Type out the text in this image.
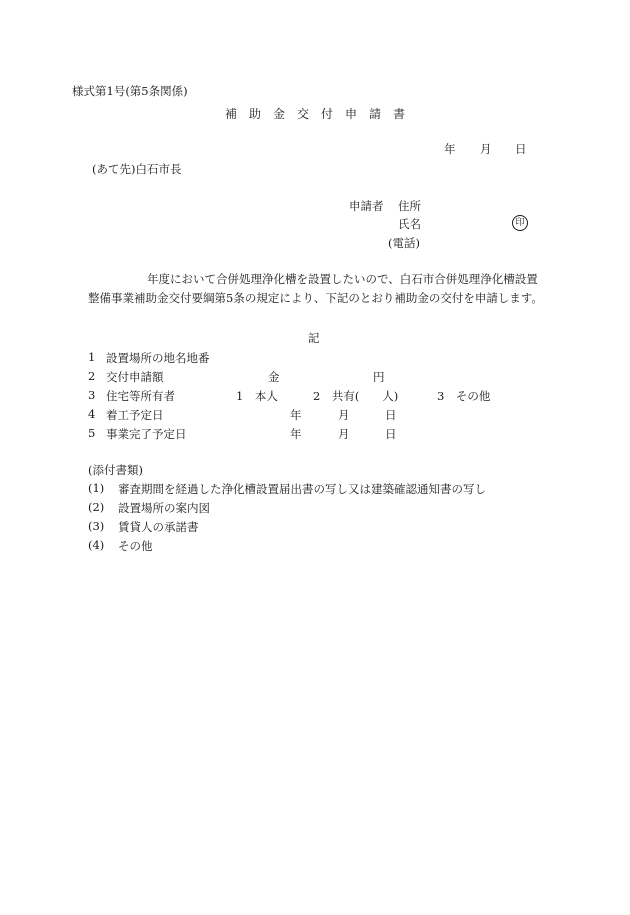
様式第1号(第5条関係)
補　助　金　交　付　申　請　書
年 月 日
(あて先)白石市長
申請者 住所
氏名	印
(電話)
年度において合併処理浄化槽を設置したいので、白石市合併処理浄化槽設置
整備事業補助金交付要綱第5条の規定により、下記のとおり補助金の交付を申請します。
記
1 設置場所の地名地番
2 交付申請額	金	円
3 住宅等所有者	1　本人	2　共有(　　人)	3　その他
4 着工予定日	年	月	日
5 事業完了予定日	年	月	日
(添付書類)
(1) 審査期間を経過した浄化槽設置届出書の写し又は建築確認通知書の写し
(2) 設置場所の案内図
(3) 賃貸人の承諾書
(4) その他
